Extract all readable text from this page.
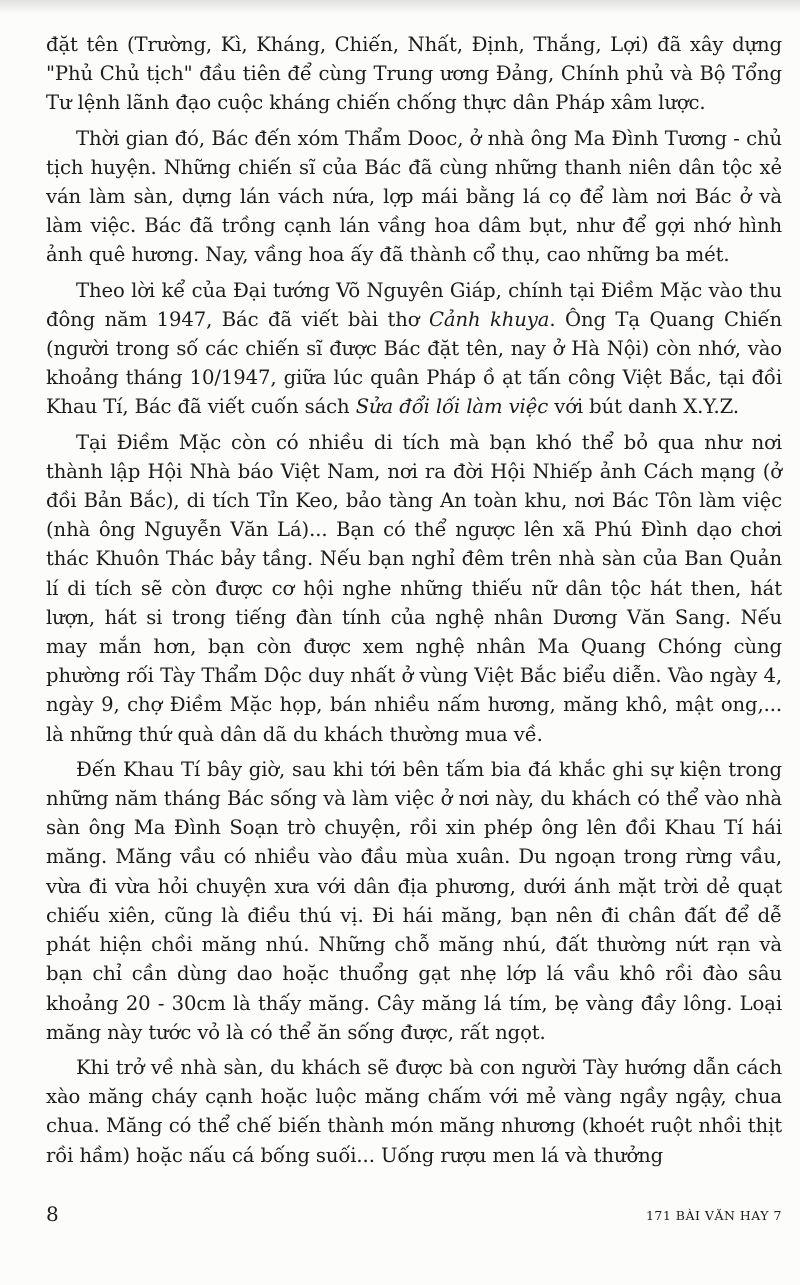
đặt tên (Trường, Kì, Kháng, Chiến, Nhất, Định, Thắng, Lợi) đã xây dựng "Phủ Chủ tịch" đầu tiên để cùng Trung ương Đảng, Chính phủ và Bộ Tổng Tư lệnh lãnh đạo cuộc kháng chiến chống thực dân Pháp xâm lược.

Thời gian đó, Bác đến xóm Thẩm Dooc, ở nhà ông Ma Đình Tương - chủ tịch huyện. Những chiến sĩ của Bác đã cùng những thanh niên dân tộc xẻ ván làm sàn, dựng lán vách nứa, lợp mái bằng lá cọ để làm nơi Bác ở và làm việc. Bác đã trồng cạnh lán vầng hoa dâm bụt, như để gợi nhớ hình ảnh quê hương. Nay, vầng hoa ấy đã thành cổ thụ, cao những ba mét.

Theo lời kể của Đại tướng Võ Nguyên Giáp, chính tại Điềm Mặc vào thu đông năm 1947, Bác đã viết bài thơ Cảnh khuya. Ông Tạ Quang Chiến (người trong số các chiến sĩ được Bác đặt tên, nay ở Hà Nội) còn nhớ, vào khoảng tháng 10/1947, giữa lúc quân Pháp ồ ạt tấn công Việt Bắc, tại đồi Khau Tí, Bác đã viết cuốn sách Sửa đổi lối làm việc với bút danh X.Y.Z.

Tại Điềm Mặc còn có nhiều di tích mà bạn khó thể bỏ qua như nơi thành lập Hội Nhà báo Việt Nam, nơi ra đời Hội Nhiếp ảnh Cách mạng (ở đồi Bản Bắc), di tích Tỉn Keo, bảo tàng An toàn khu, nơi Bác Tôn làm việc (nhà ông Nguyễn Văn Lá)... Bạn có thể ngược lên xã Phú Đình dạo chơi thác Khuôn Thác bảy tầng. Nếu bạn nghỉ đêm trên nhà sàn của Ban Quản lí di tích sẽ còn được cơ hội nghe những thiếu nữ dân tộc hát then, hát lượn, hát si trong tiếng đàn tính của nghệ nhân Dương Văn Sang. Nếu may mắn hơn, bạn còn được xem nghệ nhân Ma Quang Chóng cùng phường rối Tày Thẩm Dộc duy nhất ở vùng Việt Bắc biểu diễn. Vào ngày 4, ngày 9, chợ Điềm Mặc họp, bán nhiều nấm hương, măng khô, mật ong,... là những thứ quà dân dã du khách thường mua về.

Đến Khau Tí bây giờ, sau khi tới bên tấm bia đá khắc ghi sự kiện trong những năm tháng Bác sống và làm việc ở nơi này, du khách có thể vào nhà sàn ông Ma Đình Soạn trò chuyện, rồi xin phép ông lên đồi Khau Tí hái măng. Măng vầu có nhiều vào đầu mùa xuân. Du ngoạn trong rừng vầu, vừa đi vừa hỏi chuyện xưa với dân địa phương, dưới ánh mặt trời dẻ quạt chiếu xiên, cũng là điều thú vị. Đi hái măng, bạn nên đi chân đất để dễ phát hiện chồi măng nhú. Những chỗ măng nhú, đất thường nứt rạn và bạn chỉ cần dùng dao hoặc thuổng gạt nhẹ lớp lá vầu khô rồi đào sâu khoảng 20 - 30cm là thấy măng. Cây măng lá tím, bẹ vàng đầy lông. Loại măng này tước vỏ là có thể ăn sống được, rất ngọt.

Khi trở về nhà sàn, du khách sẽ được bà con người Tày hướng dẫn cách xào măng cháy cạnh hoặc luộc măng chấm với mẻ vàng ngầy ngậy, chua chua. Măng có thể chế biến thành món măng nhương (khoét ruột nhồi thịt rồi hầm) hoặc nấu cá bống suối... Uống rượu men lá và thưởng

8	171 BÀI VĂN HAY 7
